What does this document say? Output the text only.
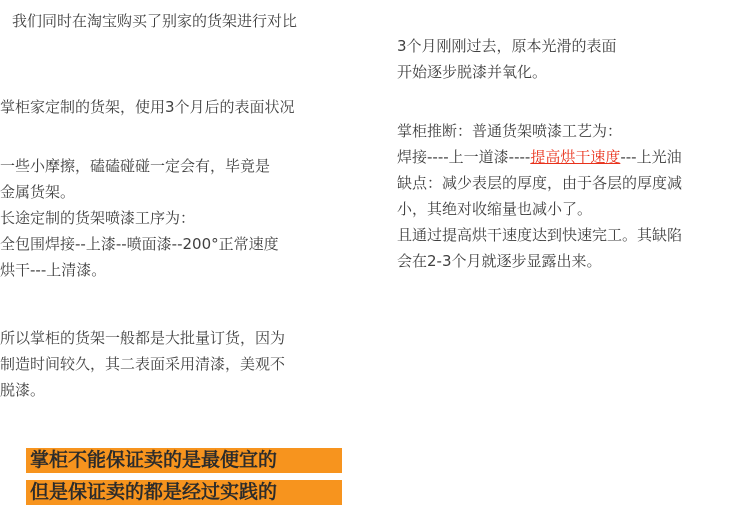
我们同时在淘宝购买了别家的货架进行对比
掌柜家定制的货架，使用3个月后的表面状况
一些小摩擦，磕磕碰碰一定会有，毕竟是
金属货架。
长途定制的货架喷漆工序为：
全包围焊接--上漆--喷面漆--200°正常速度
烘干---上清漆。
所以掌柜的货架一般都是大批量订货，因为
制造时间较久，其二表面采用清漆，美观不
脱漆。
掌柜不能保证卖的是最便宜的
但是保证卖的都是经过实践的
3个月刚刚过去，原本光滑的表面
开始逐步脱漆并氧化。
掌柜推断：普通货架喷漆工艺为：
焊接----上一道漆----提高烘干速度---上光油
缺点：减少表层的厚度，由于各层的厚度减
小，其绝对收缩量也减小了。
且通过提高烘干速度达到快速完工。其缺陷
会在2-3个月就逐步显露出来。
